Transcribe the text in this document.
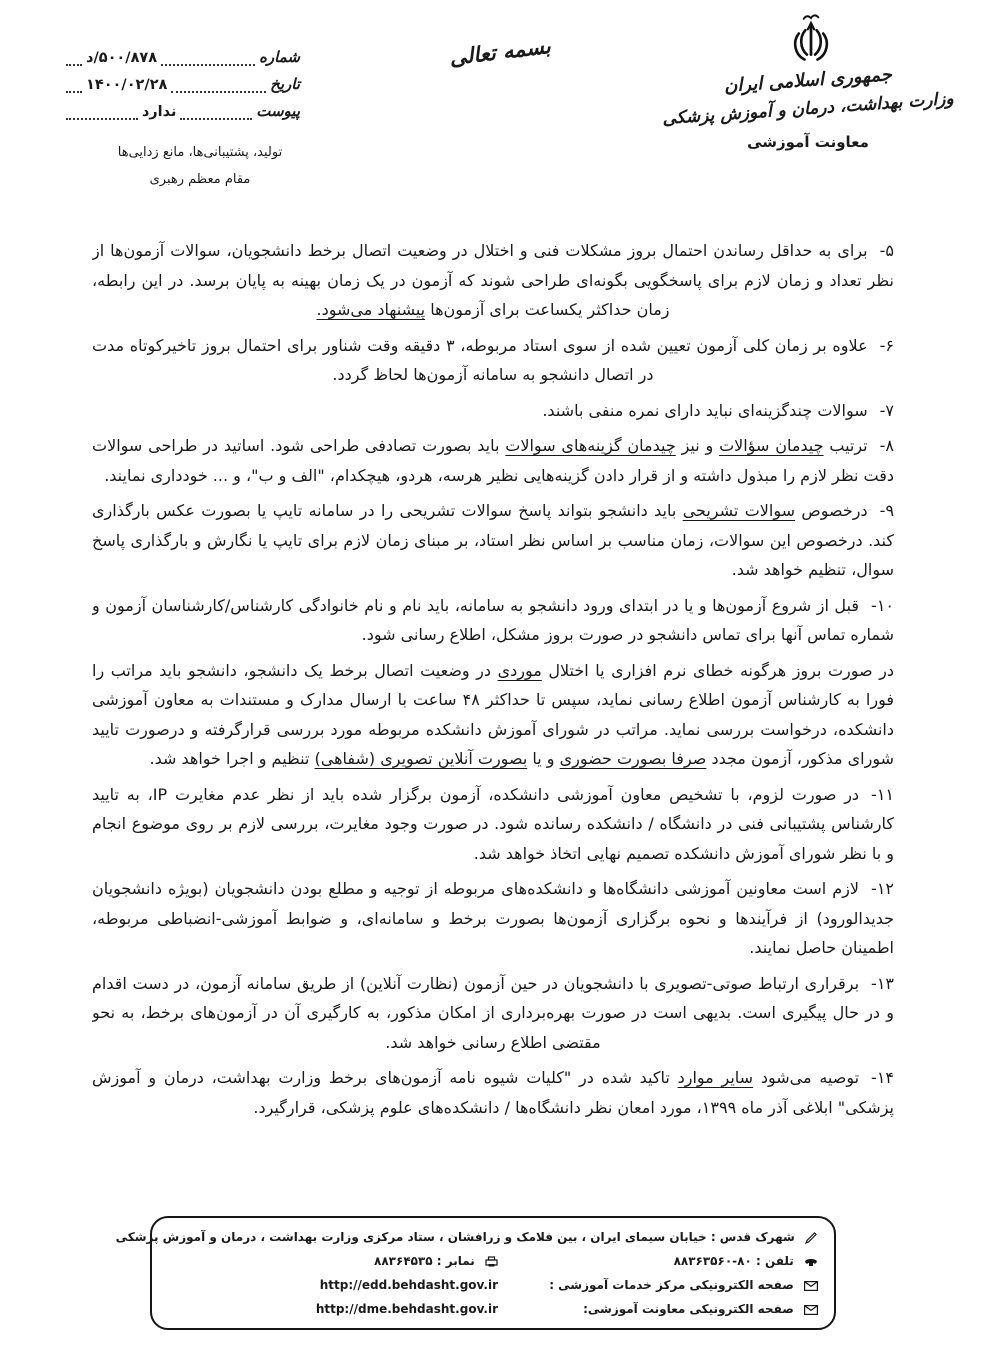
جمهوری اسلامی ایران
وزارت بهداشت، درمان و آموزش پزشکی
معاونت آموزشی
بسمه تعالی
شماره
د/۵۰۰/۸۷۸
تاریخ
۱۴۰۰/۰۲/۲۸
پیوست
ندارد
تولید، پشتیبانی‌ها، مانع زدایی‌ها
مقام معظم رهبری

۵-برای به حداقل رساندن احتمال بروز مشکلات فنی و اختلال در وضعیت اتصال برخط دانشجویان، سوالات آزمون‌ها از نظر تعداد و زمان لازم برای پاسخگویی بگونه‌ای طراحی شوند که آزمون در یک زمان بهینه به پایان برسد. در این رابطه، زمان حداکثر یکساعت برای آزمون‌ها پیشنهاد می‌شود.

۶-علاوه بر زمان کلی آزمون تعیین شده از سوی استاد مربوطه، ۳ دقیقه وقت شناور برای احتمال بروز تاخیرکوتاه مدت در اتصال دانشجو به سامانه آزمون‌ها لحاظ گردد.

۷-سوالات چندگزینه‌ای نباید دارای نمره منفی باشند.

۸-ترتیب چیدمان سؤالات و نیز چیدمان گزینه‌های سوالات باید بصورت تصادفی طراحی شود. اساتید در طراحی سوالات دقت نظر لازم را مبذول داشته و از قرار دادن گزینه‌هایی نظیر هرسه، هردو، هیچکدام، "الف و ب"، و ... خودداری نمایند.

۹-درخصوص سوالات تشریحی باید دانشجو بتواند پاسخ سوالات تشریحی را در سامانه تایپ یا بصورت عکس بارگذاری کند. درخصوص این سوالات، زمان مناسب بر اساس نظر استاد، بر مبنای زمان لازم برای تایپ یا نگارش و بارگذاری پاسخ سوال، تنظیم خواهد شد.

۱۰-قبل از شروع آزمون‌ها و یا در ابتدای ورود دانشجو به سامانه، باید نام و نام خانوادگی کارشناس/کارشناسان آزمون و شماره تماس آنها برای تماس دانشجو در صورت بروز مشکل، اطلاع رسانی شود.

در صورت بروز هرگونه خطای نرم افزاری یا اختلال موردی در وضعیت اتصال برخط یک دانشجو، دانشجو باید مراتب را فورا به کارشناس آزمون اطلاع رسانی نماید، سپس تا حداکثر ۴۸ ساعت با ارسال مدارک و مستندات به معاون آموزشی دانشکده، درخواست بررسی نماید. مراتب در شورای آموزش دانشکده مربوطه مورد بررسی قرارگرفته و درصورت تایید شورای مذکور، آزمون مجدد صرفا بصورت حضوری و یا بصورت آنلاین تصویری (شفاهی) تنظیم و اجرا خواهد شد.

۱۱-در صورت لزوم، با تشخیص معاون آموزشی دانشکده، آزمون برگزار شده باید از نظر عدم مغایرت IP، به تایید کارشناس پشتیبانی فنی در دانشگاه / دانشکده رسانده شود. در صورت وجود مغایرت، بررسی لازم بر روی موضوع انجام و با نظر شورای آموزش دانشکده تصمیم نهایی اتخاذ خواهد شد.

۱۲-لازم است معاونین آموزشی دانشگاه‌ها و دانشکده‌های مربوطه از توجیه و مطلع بودن دانشجویان (بویژه دانشجویان جدیدالورود) از فرآیندها و نحوه برگزاری آزمون‌ها بصورت برخط و سامانه‌ای، و ضوابط آموزشی-انضباطی مربوطه، اطمینان حاصل نمایند.

۱۳-برقراری ارتباط صوتی-تصویری با دانشجویان در حین آزمون (نظارت آنلاین) از طریق سامانه آزمون، در دست اقدام و در حال پیگیری است. بدیهی است در صورت بهره‌برداری از امکان مذکور، به کارگیری آن در آزمون‌های برخط، به نحو مقتضی اطلاع رسانی خواهد شد.

۱۴-توصیه می‌شود سایر موارد تاکید شده در "کلیات شیوه نامه آزمون‌های برخط وزارت بهداشت، درمان و آموزش پزشکی" ابلاغی آذر ماه ۱۳۹۹، مورد امعان نظر دانشگاه‌ها / دانشکده‌های علوم پزشکی، قرارگیرد.

شهرک قدس : خیابان سیمای ایران ، بین فلامک و زرافشان ، ستاد مرکزی وزارت بهداشت ، درمان و آموزش پزشکی
تلفن : ۸۸۳۶۳۵۶۰-۸۰
نمابر : ۸۸۳۶۴۵۳۵
صفحه الکترونیکی مرکز خدمات آموزشی :
http://edd.behdasht.gov.ir
صفحه الکترونیکی معاونت آموزشی:
http://dme.behdasht.gov.ir
